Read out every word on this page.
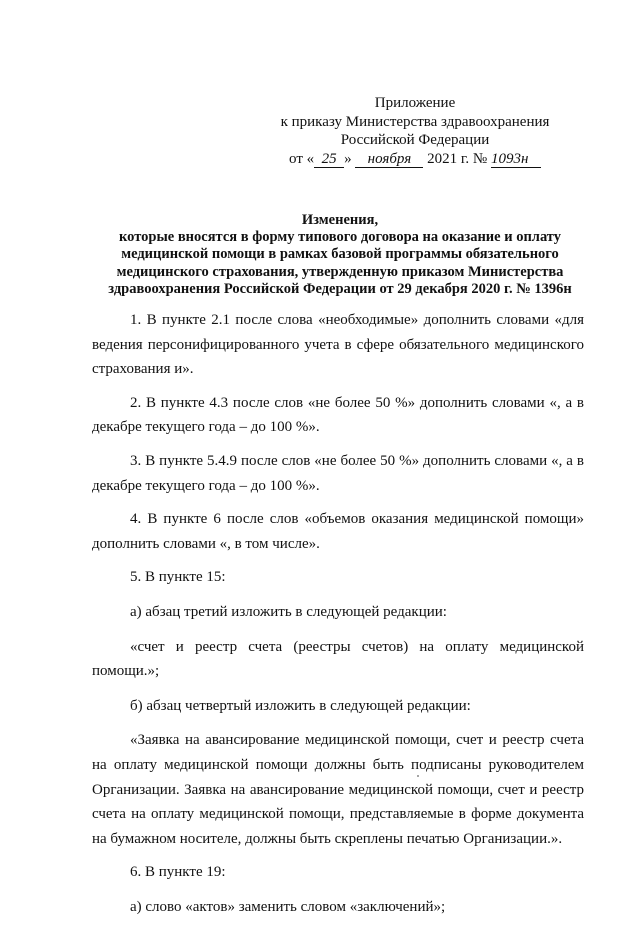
Приложение
к приказу Министерства здравоохранения
Российской Федерации
от « 25 » ноября 2021 г. № 1093н
Изменения,
которые вносятся в форму типового договора на оказание и оплату
медицинской помощи в рамках базовой программы обязательного
медицинского страхования, утвержденную приказом Министерства
здравоохранения Российской Федерации от 29 декабря 2020 г. № 1396н

1. В пункте 2.1 после слова «необходимые» дополнить словами «для ведения персонифицированного учета в сфере обязательного медицинского страхования и».

2. В пункте 4.3 после слов «не более 50 %» дополнить словами «, а в декабре текущего года – до 100 %».

3. В пункте 5.4.9 после слов «не более 50 %» дополнить словами «, а в декабре текущего года – до 100 %».

4. В пункте 6 после слов «объемов оказания медицинской помощи» дополнить словами «, в том числе».

5. В пункте 15:

а) абзац третий изложить в следующей редакции:

«счет и реестр счета (реестры счетов) на оплату медицинской помощи.»;

б) абзац четвертый изложить в следующей редакции:

«Заявка на авансирование медицинской помощи, счет и реестр счета на оплату медицинской помощи должны быть подписаны руководителем Организации. Заявка на авансирование медицинской помощи, счет и реестр счета на оплату медицинской помощи, представляемые в форме документа на бумажном носителе, должны быть скреплены печатью Организации.».

6. В пункте 19:

а) слово «актов» заменить словом «заключений»;
